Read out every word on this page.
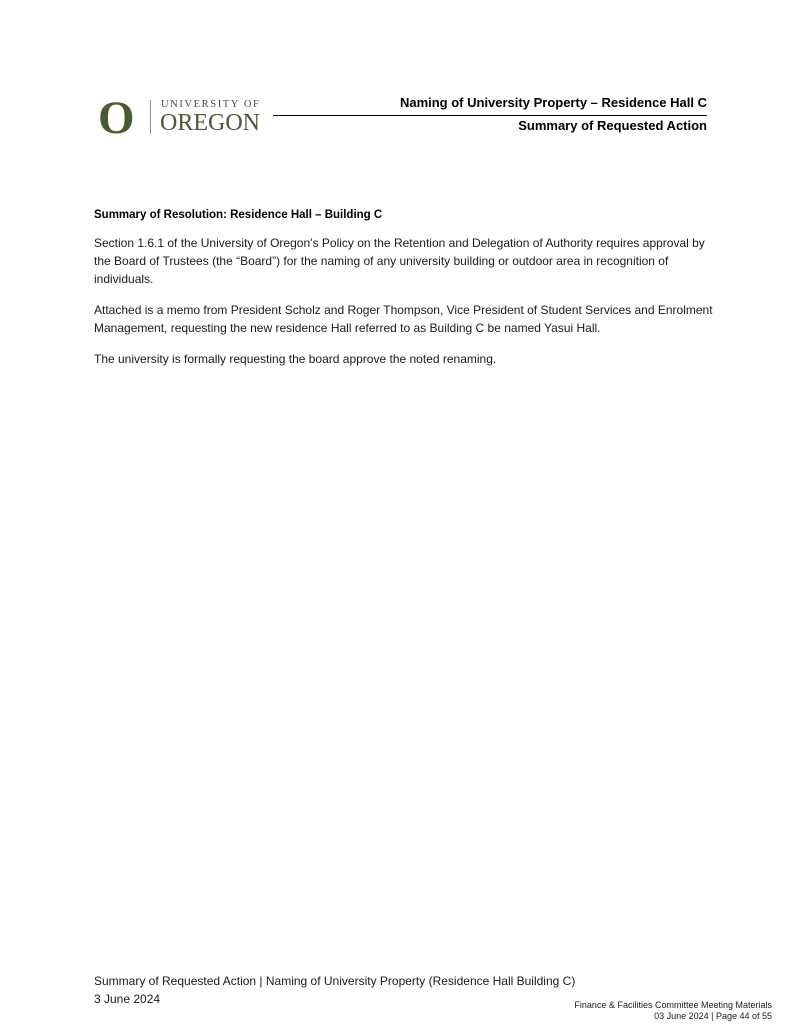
O	UNIVERSITY OF
OREGON
Naming of University Property – Residence Hall C
Summary of Requested Action

Summary of Resolution: Residence Hall – Building C

Section 1.6.1 of the University of Oregon’s Policy on the Retention and Delegation of Authority requires approval by the Board of Trustees (the “Board”) for the naming of any university building or outdoor area in recognition of individuals.

Attached is a memo from President Scholz and Roger Thompson, Vice President of Student Services and Enrolment Management, requesting the new residence Hall referred to as Building C be named Yasui Hall.

The university is formally requesting the board approve the noted renaming.

Summary of Requested Action | Naming of University Property (Residence Hall Building C)
3 June 2024	Finance & Facilities Committee Meeting Materials
03 June 2024 | Page 44 of 55
